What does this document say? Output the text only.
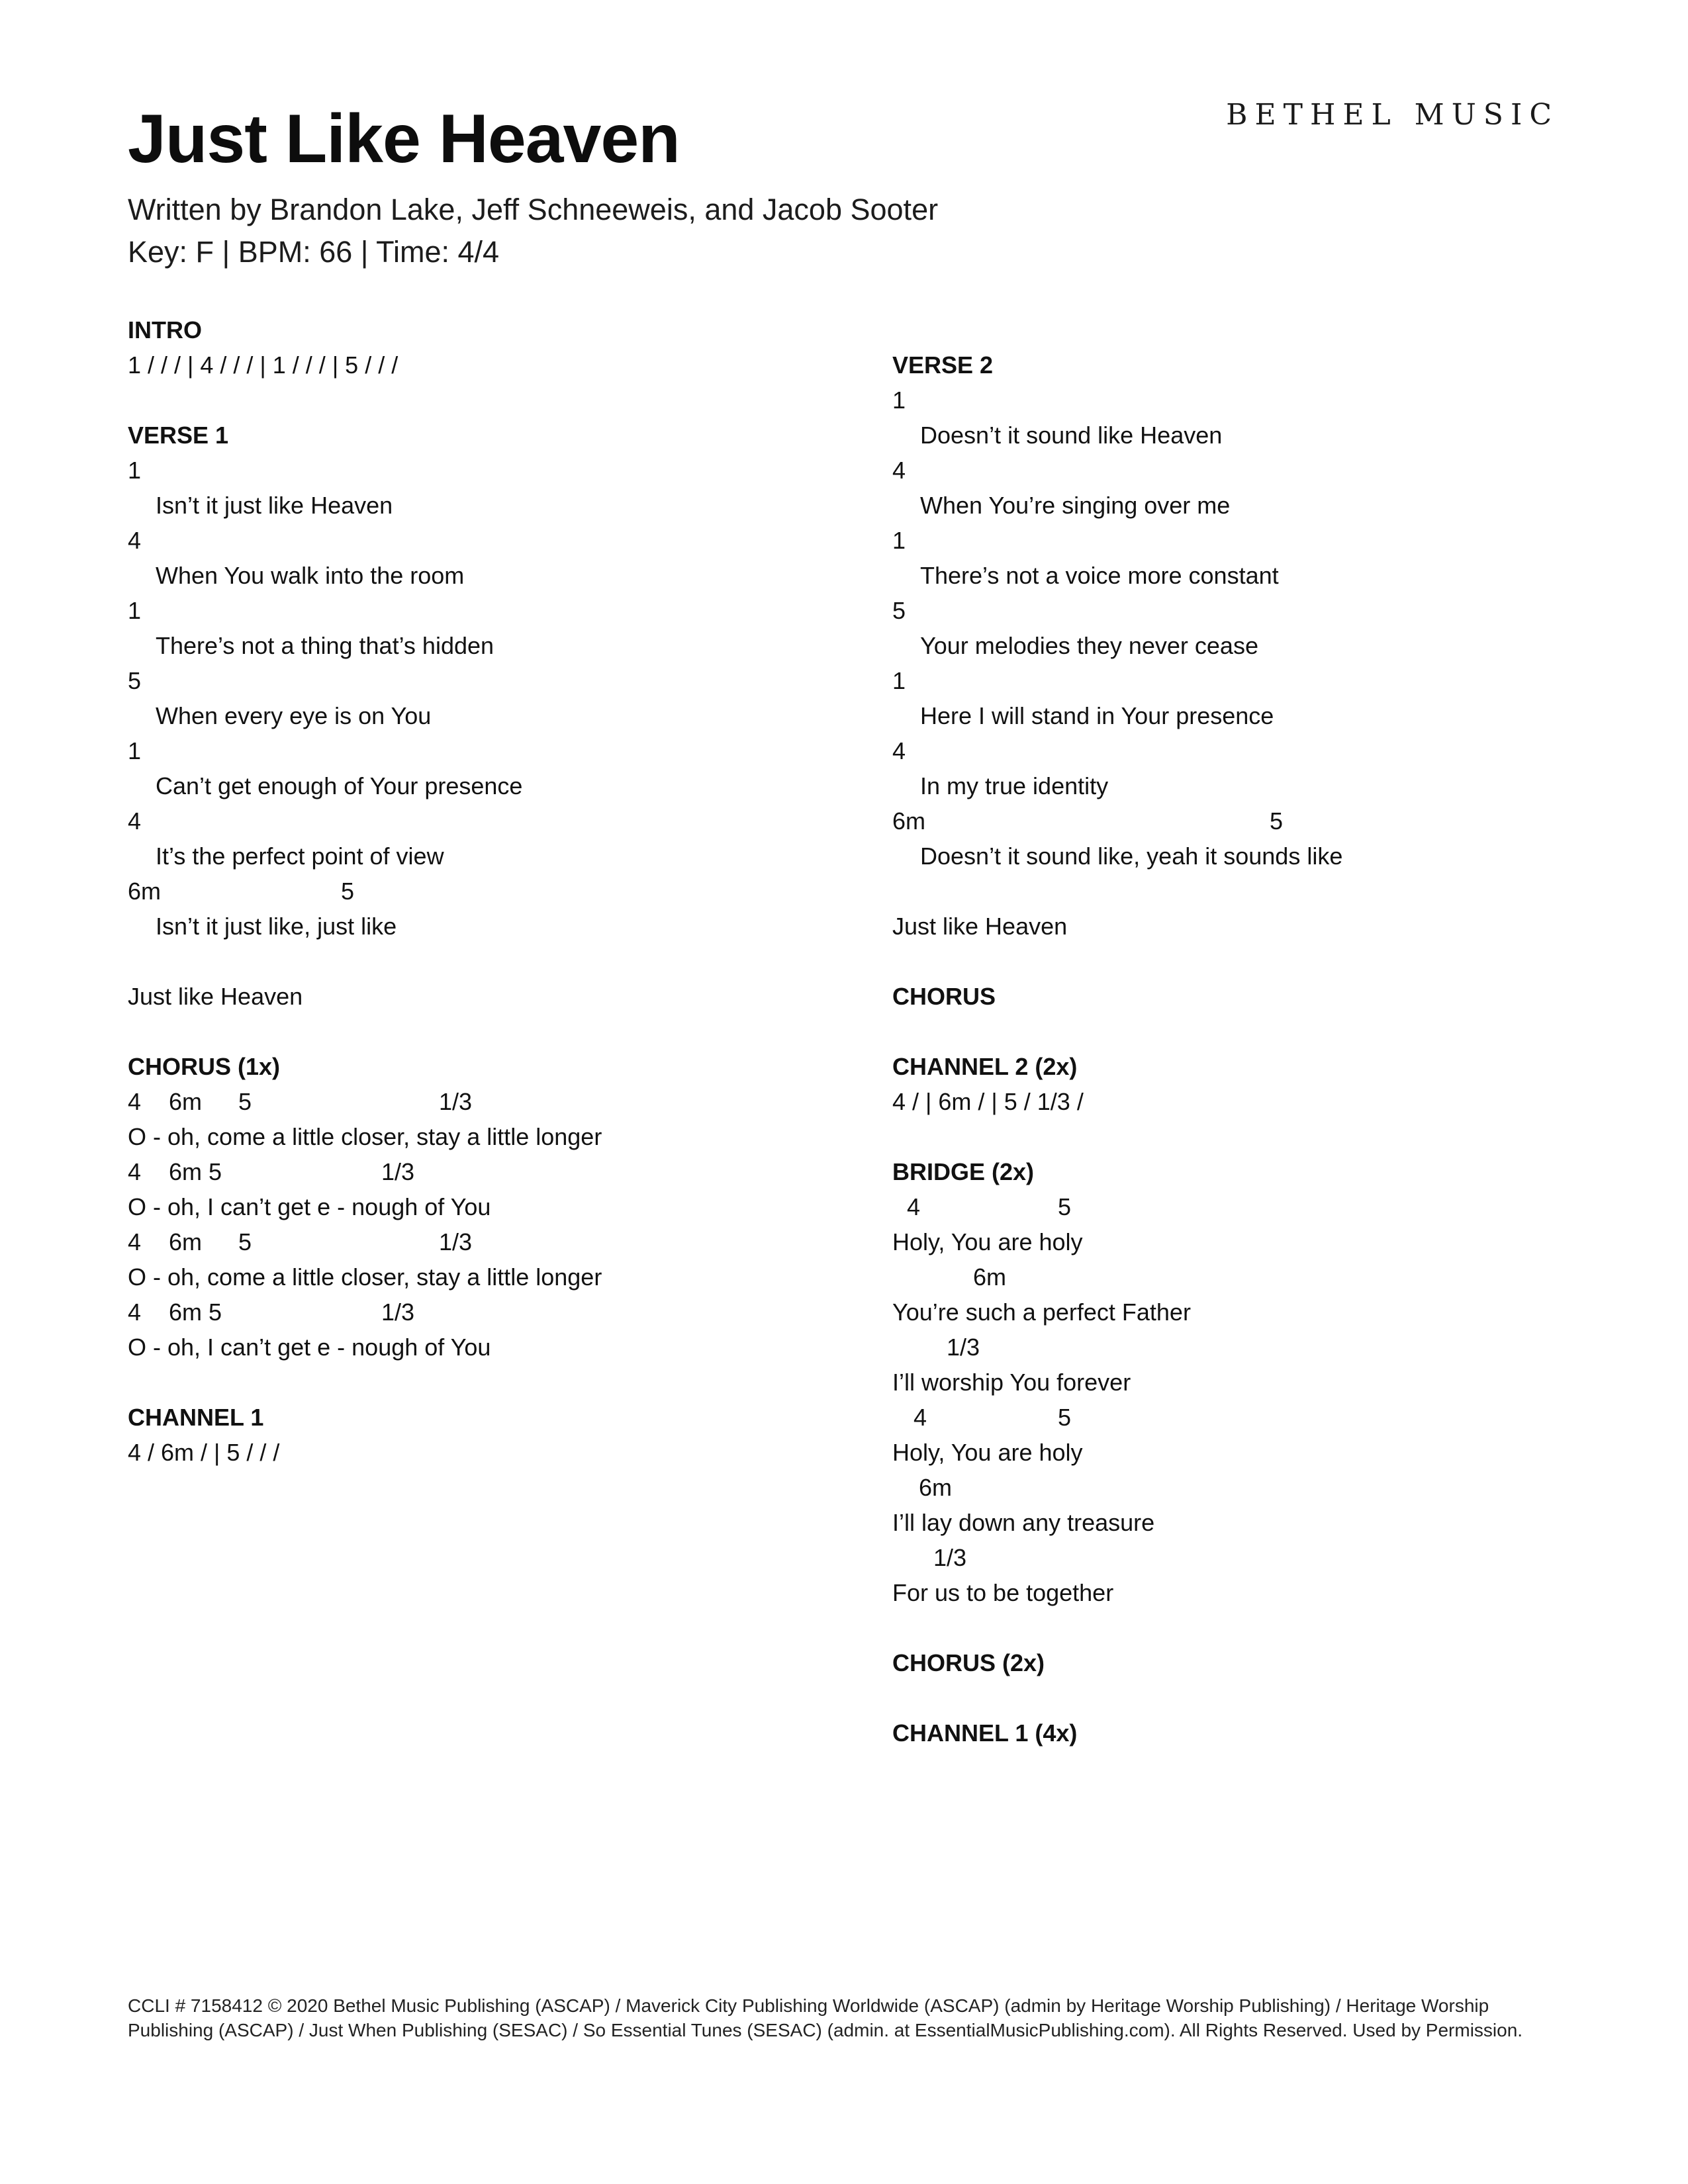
BETHEL MUSIC
Just Like Heaven
Written by Brandon Lake, Jeff Schneeweis, and Jacob Sooter
Key: F | BPM: 66 | Time: 4/4
INTRO
1 / / / | 4 / / / | 1 / / / | 5 / / /
VERSE 1
1
Isn’t it just like Heaven
4
When You walk into the room
1
There’s not a thing that’s hidden
5
When every eye is on You
1
Can’t get enough of Your presence
4
It’s the perfect point of view
6m	5
Isn’t it just like, just like
Just like Heaven
CHORUS (1x)
4 6m 5	1/3
O - oh, come a little closer, stay a little longer
4 6m 5	1/3
O - oh, I can’t get e - nough of You
4 6m 5	1/3
O - oh, come a little closer, stay a little longer
4 6m 5	1/3
O - oh, I can’t get e - nough of You
CHANNEL 1
4 / 6m / | 5 / / /
VERSE 2
1
Doesn’t it sound like Heaven
4
When You’re singing over me
1
There’s not a voice more constant
5
Your melodies they never cease
1
Here I will stand in Your presence
4
In my true identity
6m	5
Doesn’t it sound like, yeah it sounds like
Just like Heaven
CHORUS
CHANNEL 2 (2x)
4 / | 6m / | 5 / 1/3 /
BRIDGE (2x)
4	5
Holy, You are holy
6m
You’re such a perfect Father
1/3
I’ll worship You forever
4	5
Holy, You are holy
6m
I’ll lay down any treasure
1/3
For us to be together
CHORUS (2x)
CHANNEL 1 (4x)
CCLI # 7158412 © 2020 Bethel Music Publishing (ASCAP) / Maverick City Publishing Worldwide (ASCAP) (admin by Heritage Worship Publishing) / Heritage Worship Publishing (ASCAP) / Just When Publishing (SESAC) / So Essential Tunes (SESAC) (admin. at EssentialMusicPublishing.com). All Rights Reserved. Used by Permission.
